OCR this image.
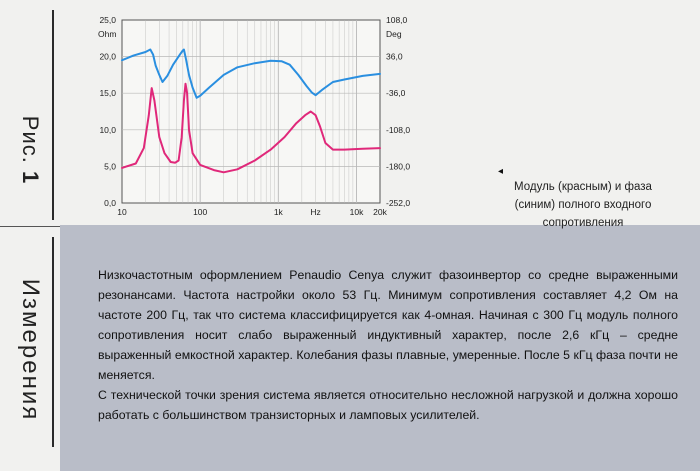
Рис. 1
Измерения
0,0
5,0
10,0
15,0
20,0
25,0
-252,0
-180,0
-108,0
-36,0
36,0
108,0
Ohm	Deg
10	100	1k	Hz	10k 20k
◂
Модуль (красным) и фаза (синим) полного входного сопротивления

Низкочастотным оформлением Penaudio Cenya служит фазоинвертор со средне выраженными резонансами. Частота настройки около 53 Гц. Минимум сопротивления составляет 4,2 Ом на частоте 200 Гц, так что система классифицируется как 4-омная. Начиная с 300 Гц модуль полного сопротивления носит слабо выраженный индуктивный характер, после 2,6 кГц – средне выраженный емкостной характер. Колебания фазы плавные, умеренные. После 5 кГц фаза почти не меняется.

С технической точки зрения система является относительно несложной нагрузкой и должна хорошо работать с большинством транзисторных и ламповых усилителей.
